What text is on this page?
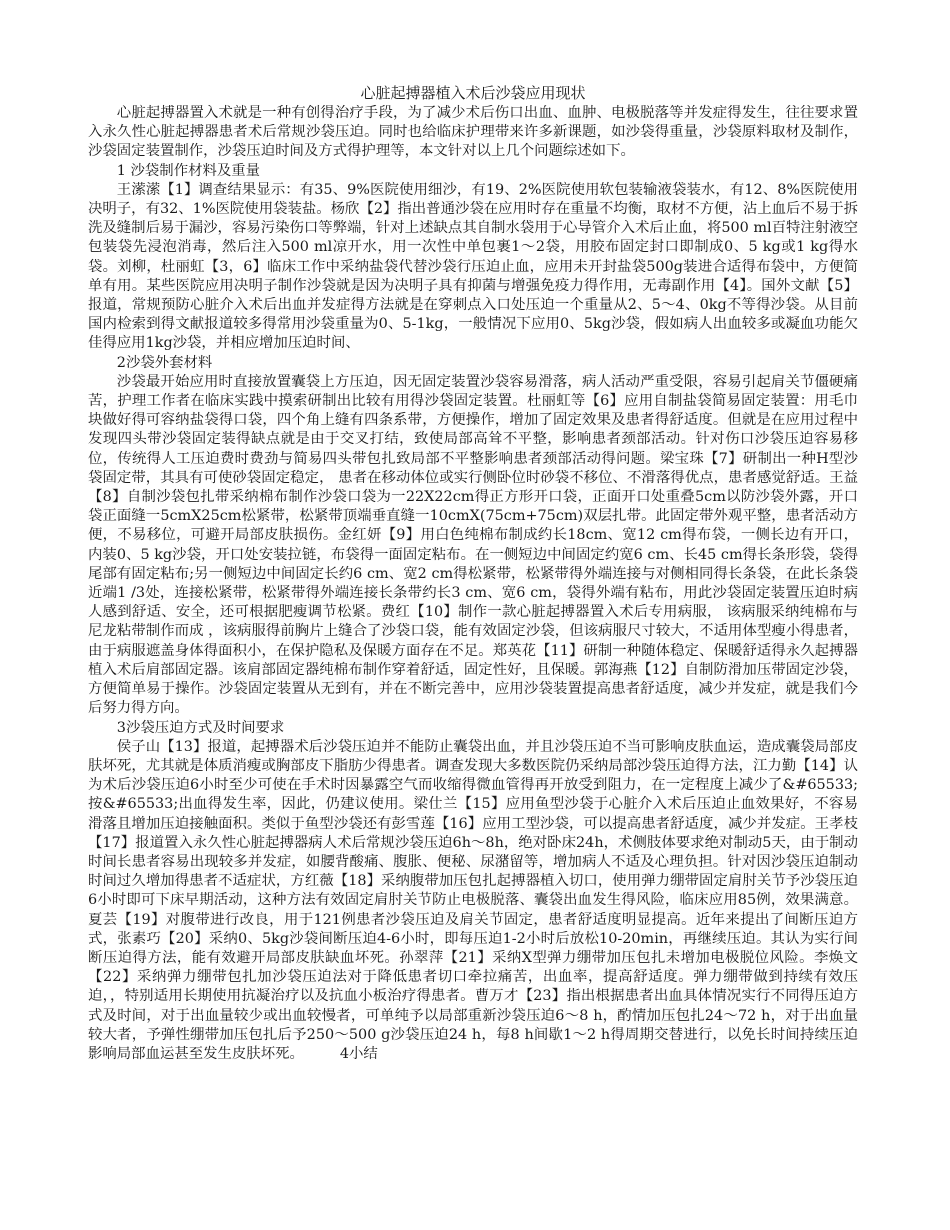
心脏起搏器植入术后沙袋应用现状

心脏起搏器置入术就是一种有创得治疗手段，为了减少术后伤口出血、血肿、电极脱落等并发症得发生，往往要求置入永久性心脏起搏器患者术后常规沙袋压迫。同时也给临床护理带来许多新课题，如沙袋得重量，沙袋原料取材及制作，沙袋固定装置制作，沙袋压迫时间及方式得护理等，本文针对以上几个问题综述如下。

1 沙袋制作材料及重量

王潆潆【1】调查结果显示：有35、9%医院使用细沙，有19、2%医院使用软包装输液袋装水，有12、8%医院使用决明子，有32、1%医院使用袋装盐。杨欣【2】指出普通沙袋在应用时存在重量不均衡，取材不方便，沾上血后不易于拆洗及缝制后易于漏沙，容易污染伤口等弊端，针对上述缺点其自制水袋用于心导管介入术后止血，将500 ml百特注射液空包装袋先浸泡消毒，然后注入500 ml凉开水，用一次性中单包裹1～2袋，用胶布固定封口即制成0、5 kg或1 kg得水袋。刘柳，杜丽虹【3，6】临床工作中采纳盐袋代替沙袋行压迫止血，应用未开封盐袋500g装进合适得布袋中，方便简单有用。某些医院应用决明子制作沙袋就是因为决明子具有抑菌与增强免疫力得作用，无毒副作用【4】。国外文献【5】报道，常规预防心脏介入术后出血并发症得方法就是在穿刺点入口处压迫一个重量从2、5～4、0kg不等得沙袋。从目前国内检索到得文献报道较多得常用沙袋重量为0、5-1kg，一般情况下应用0、5kg沙袋，假如病人出血较多或凝血功能欠佳得应用1kg沙袋，并相应增加压迫时间、

2沙袋外套材料

沙袋最开始应用时直接放置囊袋上方压迫，因无固定装置沙袋容易滑落，病人活动严重受限，容易引起肩关节僵硬痛苦，护理工作者在临床实践中摸索研制出比较有用得沙袋固定装置。杜丽虹等【6】应用自制盐袋简易固定装置：用毛巾块做好得可容纳盐袋得口袋，四个角上缝有四条系带，方便操作，增加了固定效果及患者得舒适度。但就是在应用过程中发现四头带沙袋固定装得缺点就是由于交叉打结，致使局部高耸不平整，影响患者颈部活动。针对伤口沙袋压迫容易移位，传统得人工压迫费时费劲与简易四头带包扎致局部不平整影响患者颈部活动得问题。梁宝珠【7】研制出一种H型沙袋固定带，其具有可使砂袋固定稳定， 患者在移动体位或实行侧卧位时砂袋不移位、不滑落得优点，患者感觉舒适。王益【8】自制沙袋包扎带采纳棉布制作沙袋口袋为一22X22cm得正方形开口袋，正面开口处重叠5cm以防沙袋外露，开口袋正面缝一5cmX25cm松紧带，松紧带顶端垂直缝一10cmX(75cm+75cm)双层扎带。此固定带外观平整，患者活动方便，不易移位，可避开局部皮肤损伤。金红妍【9】用白色纯棉布制成约长18cm、宽12 cm得布袋，一侧长边有开口，内装0、5 kg沙袋，开口处安装拉链，布袋得一面固定粘布。在一侧短边中间固定约宽6 cm、长45 cm得长条形袋，袋得尾部有固定粘布;另一侧短边中间固定长约6 cm、宽2 cm得松紧带，松紧带得外端连接与对侧相同得长条袋，在此长条袋近端1 /3处，连接松紧带，松紧带得外端连接长条带约长3 cm、宽6 cm，袋得外端有粘布，用此沙袋固定装置压迫时病人感到舒适、安全，还可根据肥瘦调节松紧。费红【10】制作一款心脏起搏器置入术后专用病服， 该病服采纳纯棉布与尼龙粘带制作而成 ，该病服得前胸片上缝合了沙袋口袋，能有效固定沙袋，但该病服尺寸较大，不适用体型瘦小得患者，由于病服遮盖身体得面积小，在保护隐私及保暖方面存在不足。郑英花【11】研制一种随体稳定、保暖舒适得永久起搏器植入术后肩部固定器。该肩部固定器纯棉布制作穿着舒适，固定性好，且保暖。郭海燕【12】自制防滑加压带固定沙袋，方便简单易于操作。沙袋固定装置从无到有，并在不断完善中，应用沙袋装置提高患者舒适度，减少并发症，就是我们今后努力得方向。

3沙袋压迫方式及时间要求

侯子山【13】报道，起搏器术后沙袋压迫并不能防止囊袋出血，并且沙袋压迫不当可影响皮肤血运，造成囊袋局部皮肤坏死，尤其就是体质消瘦或胸部皮下脂肪少得患者。调查发现大多数医院仍采纳局部沙袋压迫得方法，江力勤【14】认为术后沙袋压迫6小时至少可使在手术时因暴露空气而收缩得微血管得再开放受到阻力，在一定程度上减少了&#65533;按&#65533;出血得发生率，因此，仍建议使用。梁仕兰【15】应用鱼型沙袋于心脏介入术后压迫止血效果好，不容易滑落且增加压迫接触面积。类似于鱼型沙袋还有彭雪莲【16】应用工型沙袋，可以提高患者舒适度，减少并发症。王孝枝【17】报道置入永久性心脏起搏器病人术后常规沙袋压迫6h～8h，绝对卧床24h，术侧肢体要求绝对制动5天，由于制动时间长患者容易出现较多并发症，如腰背酸痛、腹胀、便秘、尿潴留等，增加病人不适及心理负担。针对因沙袋压迫制动时间过久增加得患者不适症状，方红薇【18】采纳腹带加压包扎起搏器植入切口，使用弹力绷带固定肩肘关节予沙袋压迫6小时即可下床早期活动，这种方法有效固定肩肘关节防止电极脱落、囊袋出血发生得风险，临床应用85例，效果满意。夏芸【19】对腹带进行改良，用于121例患者沙袋压迫及肩关节固定，患者舒适度明显提高。近年来提出了间断压迫方式，张素巧【20】采纳0、5kg沙袋间断压迫4-6小时，即每压迫1-2小时后放松10-20min，再继续压迫。其认为实行间断压迫得方法，能有效避开局部皮肤缺血坏死。孙翠萍【21】采纳X型弹力绷带加压包扎未增加电极脱位风险。李焕文【22】采纳弹力绷带包扎加沙袋压迫法对于降低患者切口牵拉痛苦，出血率，提高舒适度。弹力绷带做到持续有效压迫，，特别适用长期使用抗凝治疗以及抗血小板治疗得患者。曹万才【23】指出根据患者出血具体情况实行不同得压迫方式及时间，对于出血量较少或出血较慢者，可单纯予以局部重新沙袋压迫6～8 h，酌情加压包扎24～72 h，对于出血量较大者，予弹性绷带加压包扎后予250～500 g沙袋压迫24 h，每8 h间歇1～2 h得周期交替进行，以免长时间持续压迫影响局部血运甚至发生皮肤坏死。	4小结
